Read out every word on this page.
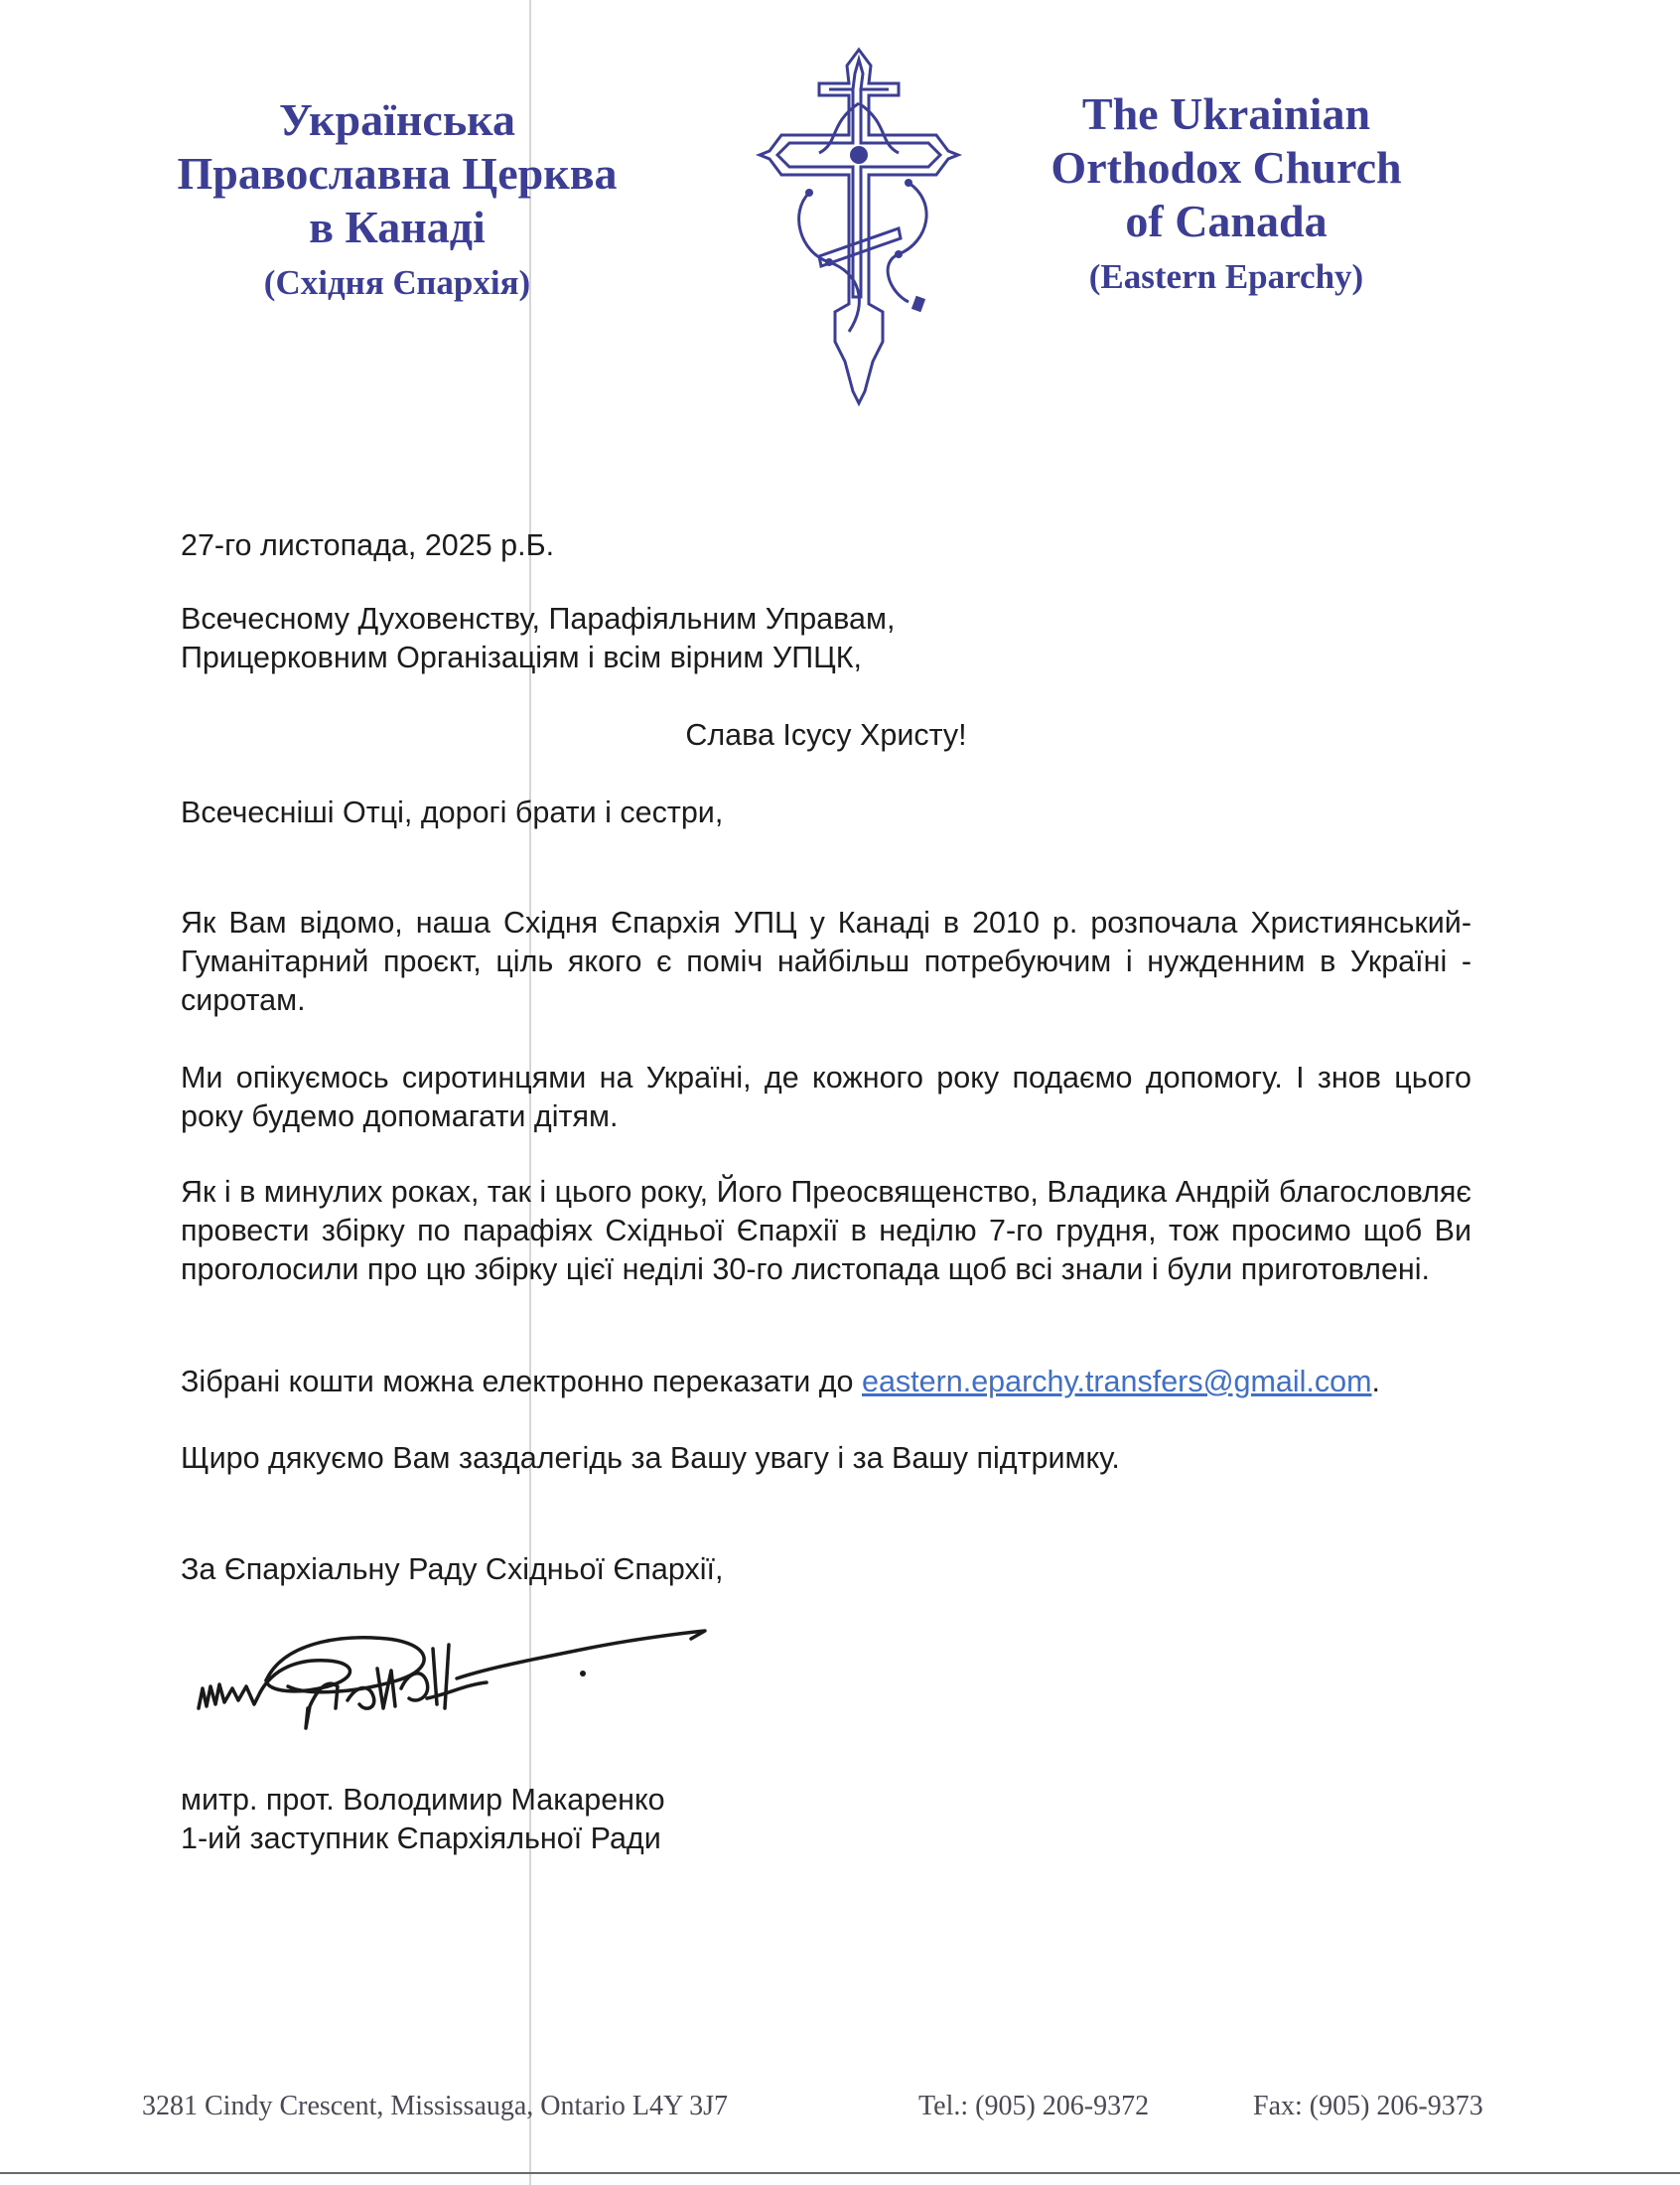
Українська
Православна Церква
в Канаді
(Східня Єпархія)
The Ukrainian
Orthodox Church
of Canada
(Eastern Eparchy)
27-го листопада, 2025 р.Б.
Всечесному Духовенству, Парафіяльним Управам,
Прицерковним Організаціям і всім вірним УПЦК,
Слава Ісусу Христу!
Всечесніші Отці, дорогі брати і сестри,
Як Вам відомо, наша Східня Єпархія УПЦ у Канаді в 2010 р. розпочала Християнський-Гуманітарний проєкт, ціль якого є поміч найбільш потребуючим і нужденним в Україні - сиротам.
Ми опікуємось сиротинцями на Україні, де кожного року подаємо допомогу. І знов цього року будемо допомагати дітям.
Як і в минулих роках, так і цього року, Його Преосвященство, Владика Андрій благословляє провести збірку по парафіях Східньої Єпархії в неділю 7-го грудня, тож просимо щоб Ви проголосили про цю збірку цієї неділі 30-го листопада щоб всі знали і були приготовлені.
Зібрані кошти можна електронно переказати до eastern.eparchy.transfers@gmail.com.
Щиро дякуємо Вам заздалегідь за Вашу увагу і за Вашу підтримку.
За Єпархіальну Раду Східньої Єпархії,
митр. прот. Володимир Макаренко
1-ий заступник Єпархіяльної Ради
3281 Cindy Crescent, Mississauga, Ontario L4Y 3J7	Tel.: (905) 206-9372	Fax: (905) 206-9373
